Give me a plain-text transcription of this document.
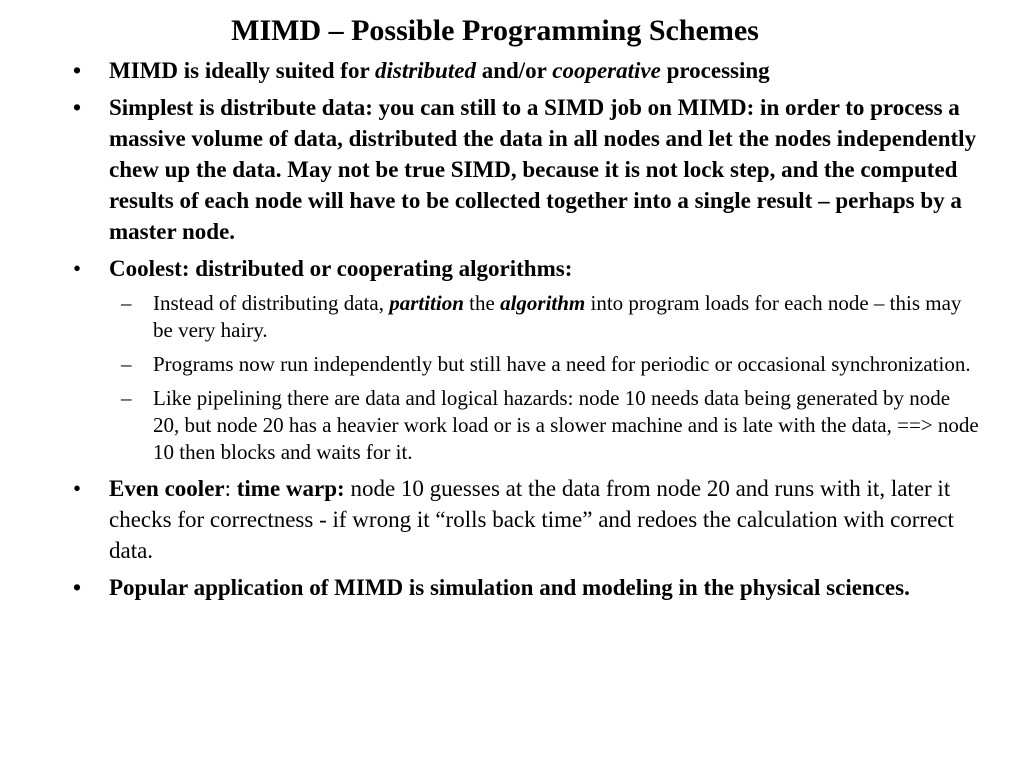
MIMD – Possible Programming Schemes
• MIMD is ideally suited for distributed and/or cooperative processing
• Simplest is distribute data: you can still to a SIMD job on MIMD: in order to process a massive volume of data, distributed the data in all nodes and let the nodes independently chew up the data. May not be true SIMD, because it is not lock step, and the computed results of each node will have to be collected together into a single result – perhaps by a master node.
• Coolest: distributed or cooperating algorithms:
– Instead of distributing data, partition the algorithm into program loads for each node – this may be very hairy.
– Programs now run independently but still have a need for periodic or occasional synchronization.
– Like pipelining there are data and logical hazards: node 10 needs data being generated by node 20, but node 20 has a heavier work load or is a slower machine and is late with the data, ==> node 10 then blocks and waits for it.
• Even cooler: time warp: node 10 guesses at the data from node 20 and runs with it, later it checks for correctness - if wrong it “rolls back time” and redoes the calculation with correct data.
• Popular application of MIMD is simulation and modeling in the physical sciences.
